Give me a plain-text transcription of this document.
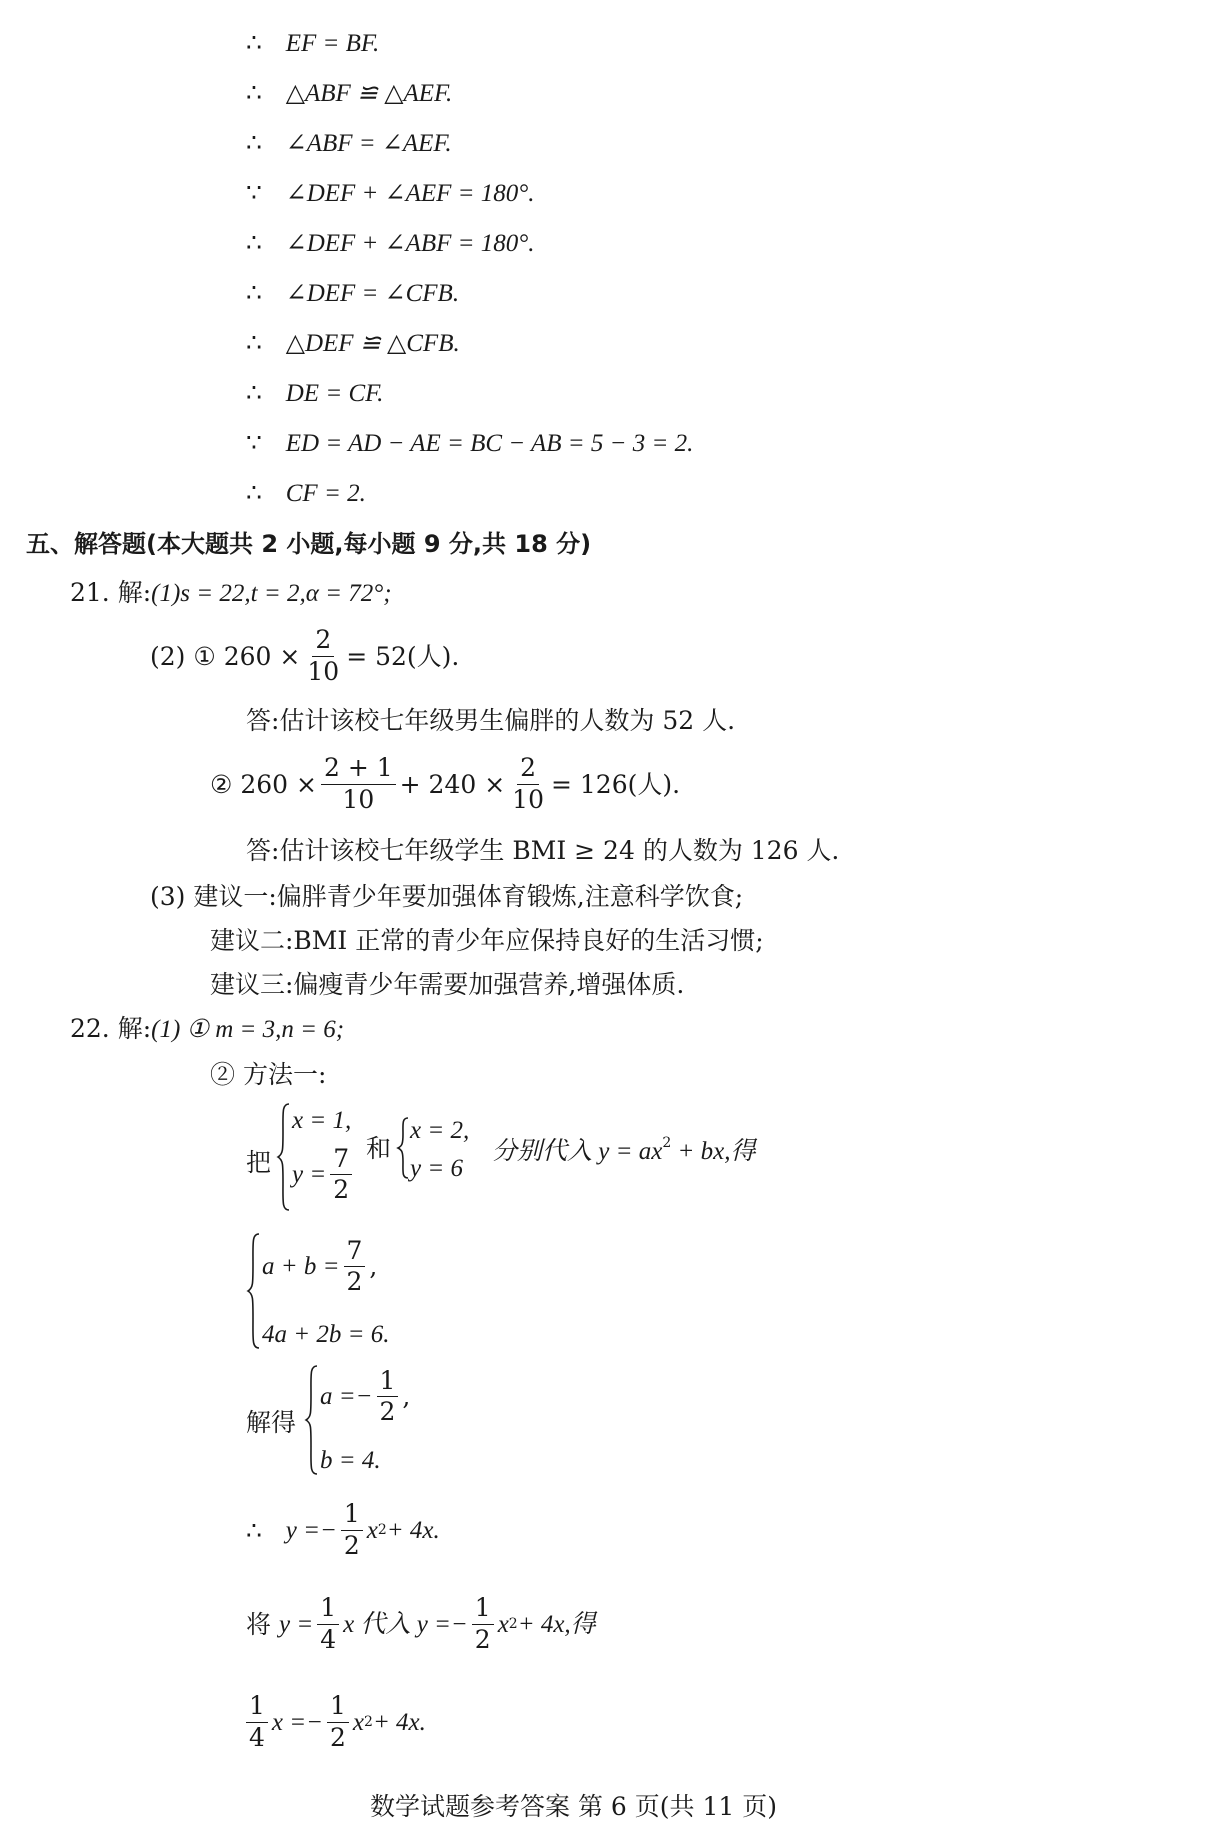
∴ EF = BF.
∴ △ABF ≌ △AEF.
∴ ∠ABF = ∠AEF.
∵ ∠DEF + ∠AEF = 180°.
∴ ∠DEF + ∠ABF = 180°.
∴ ∠DEF = ∠CFB.
∴ △DEF ≌ △CFB.
∴ DE = CF.
∵ ED = AD − AE = BC − AB = 5 − 3 = 2.
∴ CF = 2.
五、解答题(本大题共 2 小题,每小题 9 分,共 18 分)
21. 解:(1)s = 22,t = 2,α = 72°;
(2)
①
$260 \times \frac{2}{10} = 52$(人).
答:估计该校七年级男生偏胖的人数为 52 人.
②
$260 \times \frac{2 + 1}{10} + 240 \times \frac{2}{10} = 126$(人).
答:估计该校七年级学生 BMI ≥ 24 的人数为 126 人.
(3) 建议一:偏胖青少年要加强体育锻炼,注意科学饮食;
建议二:BMI 正常的青少年应保持良好的生活习惯;
建议三:偏瘦青少年需要加强营养,增强体质.
22. 解:(1) ① m = 3,n = 6;
② 方法一:
把
x = 1,
$y = \frac{7}{2}$ 和
x = 2,
y = 6
分别代入 $y = ax^2$ + bx,得
$a + b = \frac{7}{2}$ ,
4a + 2b = 6.
解得
$a =- \frac{1}{2}$ ,
b = 4.
∴
$y =- \frac{1}{2}$ x 2 + 4x.
将
$y = \frac{1}{4}$ x 代入 $y =- \frac{1}{2}$ x 2 + 4x,得
$\frac{1}{4}$ $x =- \frac{1}{2}$ x 2 + 4x.
数学试题参考答案 第 6 页(共 11 页)
